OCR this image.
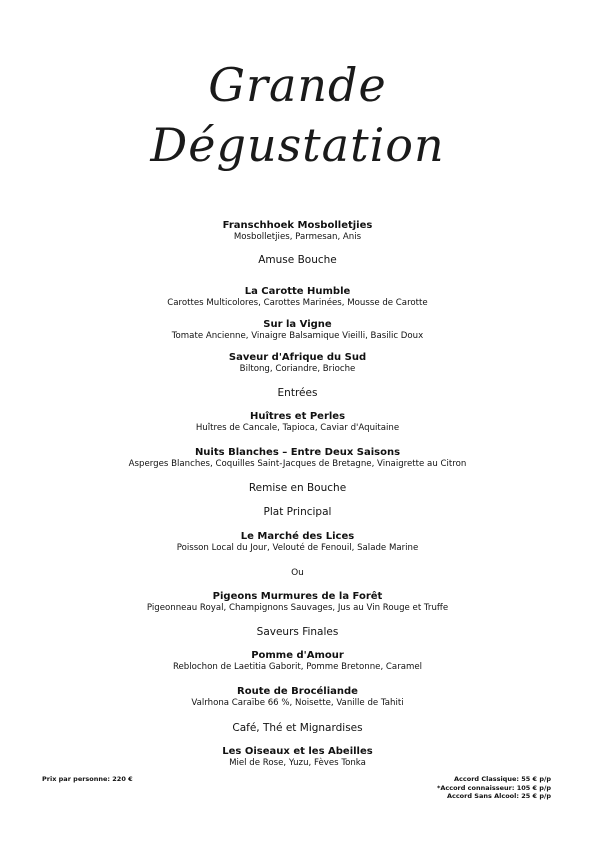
Grande
Dégustation
Franschhoek Mosbolletjies
Mosbolletjies, Parmesan, Anis
Amuse Bouche
La Carotte Humble
Carottes Multicolores, Carottes Marinées, Mousse de Carotte
Sur la Vigne
Tomate Ancienne, Vinaigre Balsamique Vieilli, Basilic Doux
Saveur d'Afrique du Sud
Biltong, Coriandre, Brioche
Entrées
Huîtres et Perles
Huîtres de Cancale, Tapioca, Caviar d'Aquitaine
Nuits Blanches – Entre Deux Saisons
Asperges Blanches, Coquilles Saint-Jacques de Bretagne, Vinaigrette au Citron
Remise en Bouche
Plat Principal
Le Marché des Lices
Poisson Local du Jour, Velouté de Fenouil, Salade Marine
Ou
Pigeons Murmures de la Forêt
Pigeonneau Royal, Champignons Sauvages, Jus au Vin Rouge et Truffe
Saveurs Finales
Pomme d'Amour
Reblochon de Laetitia Gaborit, Pomme Bretonne, Caramel
Route de Brocéliande
Valrhona Caraïbe 66 %, Noisette, Vanille de Tahiti
Café, Thé et Mignardises
Les Oiseaux et les Abeilles
Miel de Rose, Yuzu, Fèves Tonka
Prix par personne: 220 €	Accord Classique: 55 € p/p
*Accord connaisseur: 105 € p/p
Accord Sans Alcool: 25 € p/p
